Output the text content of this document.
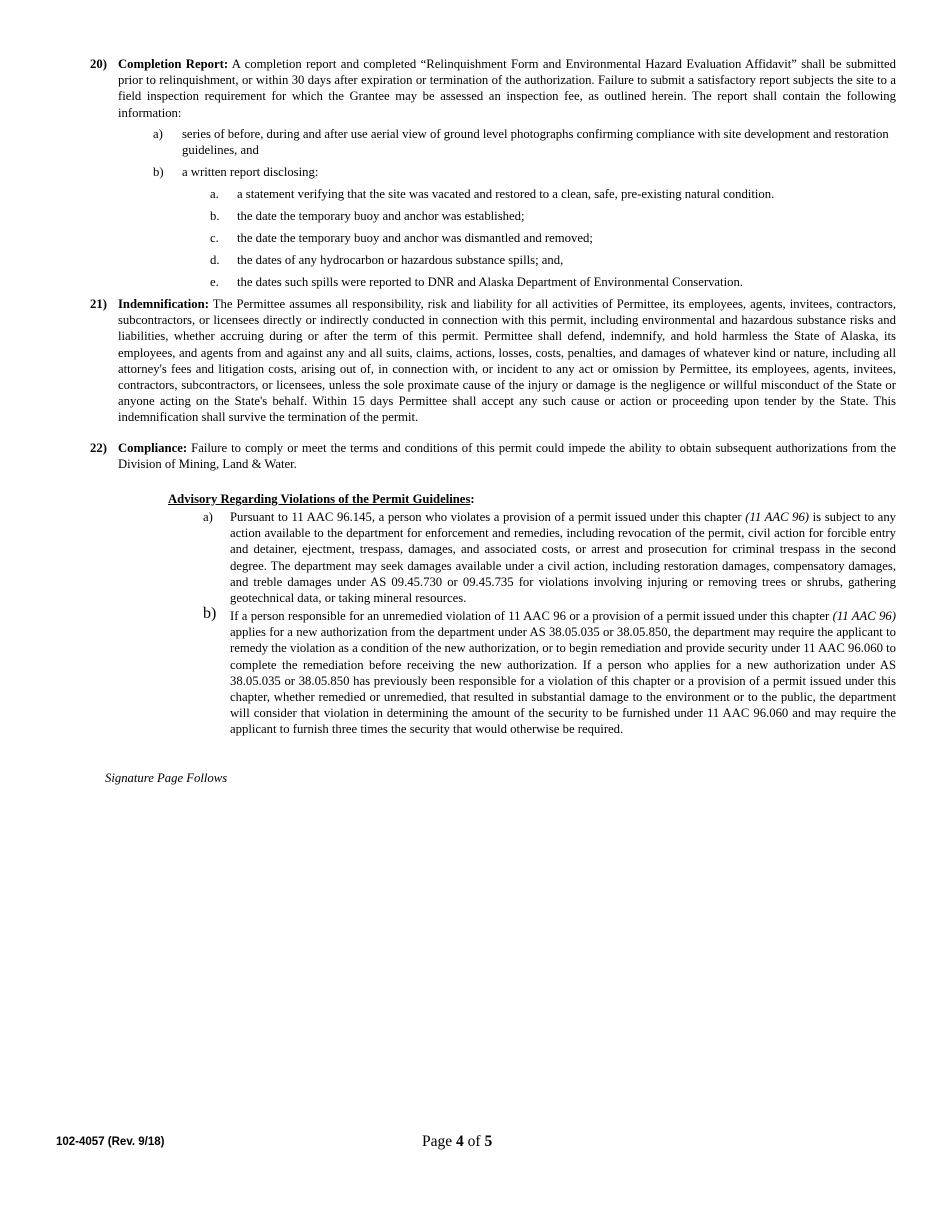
20) Completion Report: A completion report and completed “Relinquishment Form and Environmental Hazard Evaluation Affidavit” shall be submitted prior to relinquishment, or within 30 days after expiration or termination of the authorization. Failure to submit a satisfactory report subjects the site to a field inspection requirement for which the Grantee may be assessed an inspection fee, as outlined herein. The report shall contain the following information:
a) series of before, during and after use aerial view of ground level photographs confirming compliance with site development and restoration guidelines, and
b) a written report disclosing:
a. a statement verifying that the site was vacated and restored to a clean, safe, pre-existing natural condition.
b. the date the temporary buoy and anchor was established;
c. the date the temporary buoy and anchor was dismantled and removed;
d. the dates of any hydrocarbon or hazardous substance spills; and,
e. the dates such spills were reported to DNR and Alaska Department of Environmental Conservation.
21) Indemnification: The Permittee assumes all responsibility, risk and liability for all activities of Permittee, its employees, agents, invitees, contractors, subcontractors, or licensees directly or indirectly conducted in connection with this permit, including environmental and hazardous substance risks and liabilities, whether accruing during or after the term of this permit. Permittee shall defend, indemnify, and hold harmless the State of Alaska, its employees, and agents from and against any and all suits, claims, actions, losses, costs, penalties, and damages of whatever kind or nature, including all attorney's fees and litigation costs, arising out of, in connection with, or incident to any act or omission by Permittee, its employees, agents, invitees, contractors, subcontractors, or licensees, unless the sole proximate cause of the injury or damage is the negligence or willful misconduct of the State or anyone acting on the State's behalf. Within 15 days Permittee shall accept any such cause or action or proceeding upon tender by the State. This indemnification shall survive the termination of the permit.
22) Compliance: Failure to comply or meet the terms and conditions of this permit could impede the ability to obtain subsequent authorizations from the Division of Mining, Land & Water.
Advisory Regarding Violations of the Permit Guidelines:
a) Pursuant to 11 AAC 96.145, a person who violates a provision of a permit issued under this chapter (11 AAC 96) is subject to any action available to the department for enforcement and remedies, including revocation of the permit, civil action for forcible entry and detainer, ejectment, trespass, damages, and associated costs, or arrest and prosecution for criminal trespass in the second degree. The department may seek damages available under a civil action, including restoration damages, compensatory damages, and treble damages under AS 09.45.730 or 09.45.735 for violations involving injuring or removing trees or shrubs, gathering geotechnical data, or taking mineral resources.
b) If a person responsible for an unremedied violation of 11 AAC 96 or a provision of a permit issued under this chapter (11 AAC 96) applies for a new authorization from the department under AS 38.05.035 or 38.05.850, the department may require the applicant to remedy the violation as a condition of the new authorization, or to begin remediation and provide security under 11 AAC 96.060 to complete the remediation before receiving the new authorization. If a person who applies for a new authorization under AS 38.05.035 or 38.05.850 has previously been responsible for a violation of this chapter or a provision of a permit issued under this chapter, whether remedied or unremedied, that resulted in substantial damage to the environment or to the public, the department will consider that violation in determining the amount of the security to be furnished under 11 AAC 96.060 and may require the applicant to furnish three times the security that would otherwise be required.
Signature Page Follows
102-4057 (Rev. 9/18)	Page 4 of 5
